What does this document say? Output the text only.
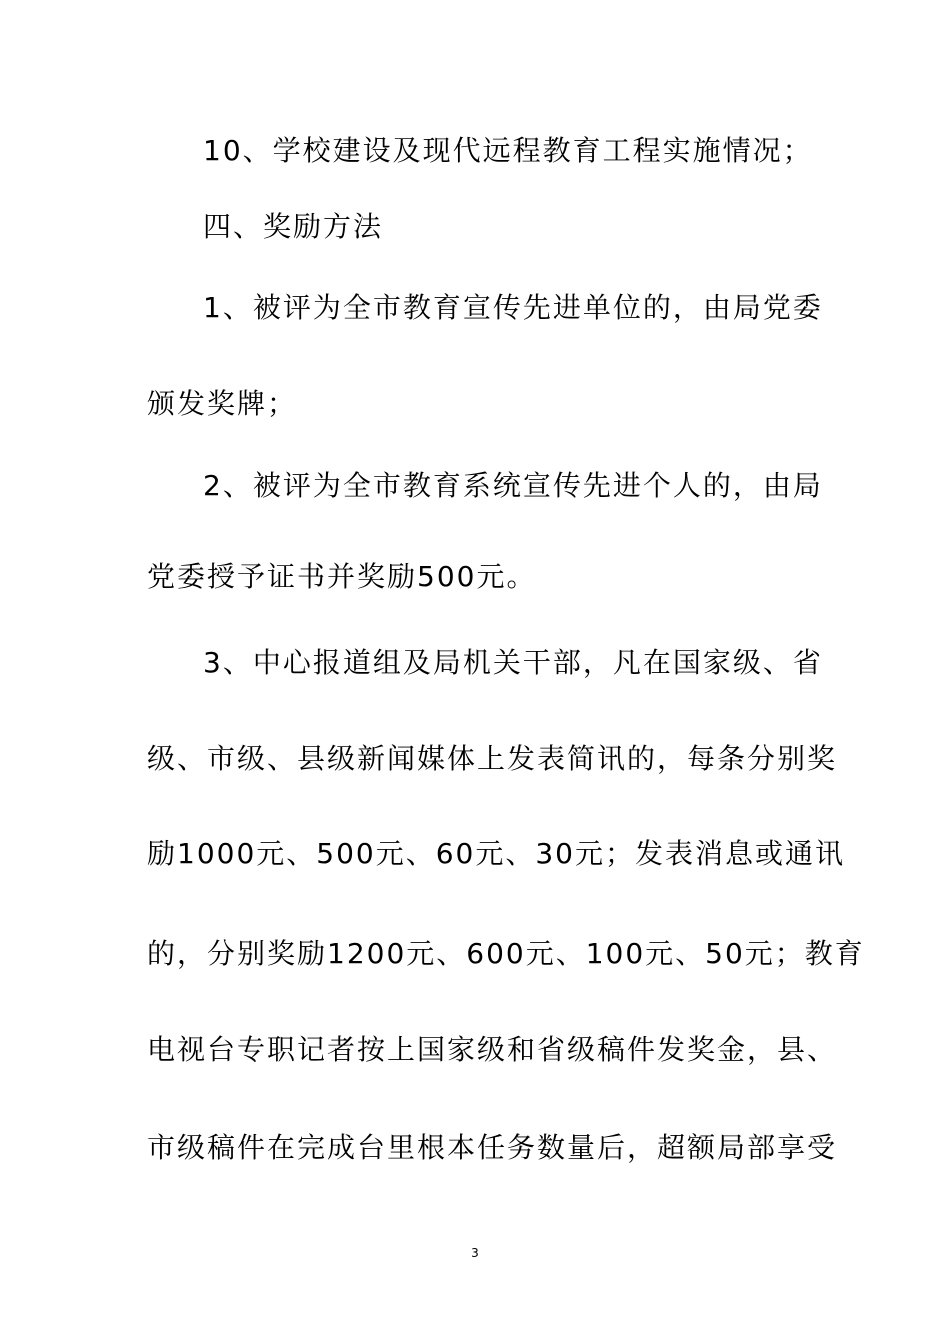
10、学校建设及现代远程教育工程实施情况；
四、奖励方法
1、被评为全市教育宣传先进单位的，由局党委
颁发奖牌；
2、被评为全市教育系统宣传先进个人的，由局
党委授予证书并奖励500元。
3、中心报道组及局机关干部，凡在国家级、省
级、市级、县级新闻媒体上发表简讯的，每条分别奖
励1000元、500元、60元、30元；发表消息或通讯
的，分别奖励1200元、600元、100元、50元；教育
电视台专职记者按上国家级和省级稿件发奖金，县、
市级稿件在完成台里根本任务数量后，超额局部享受
3
